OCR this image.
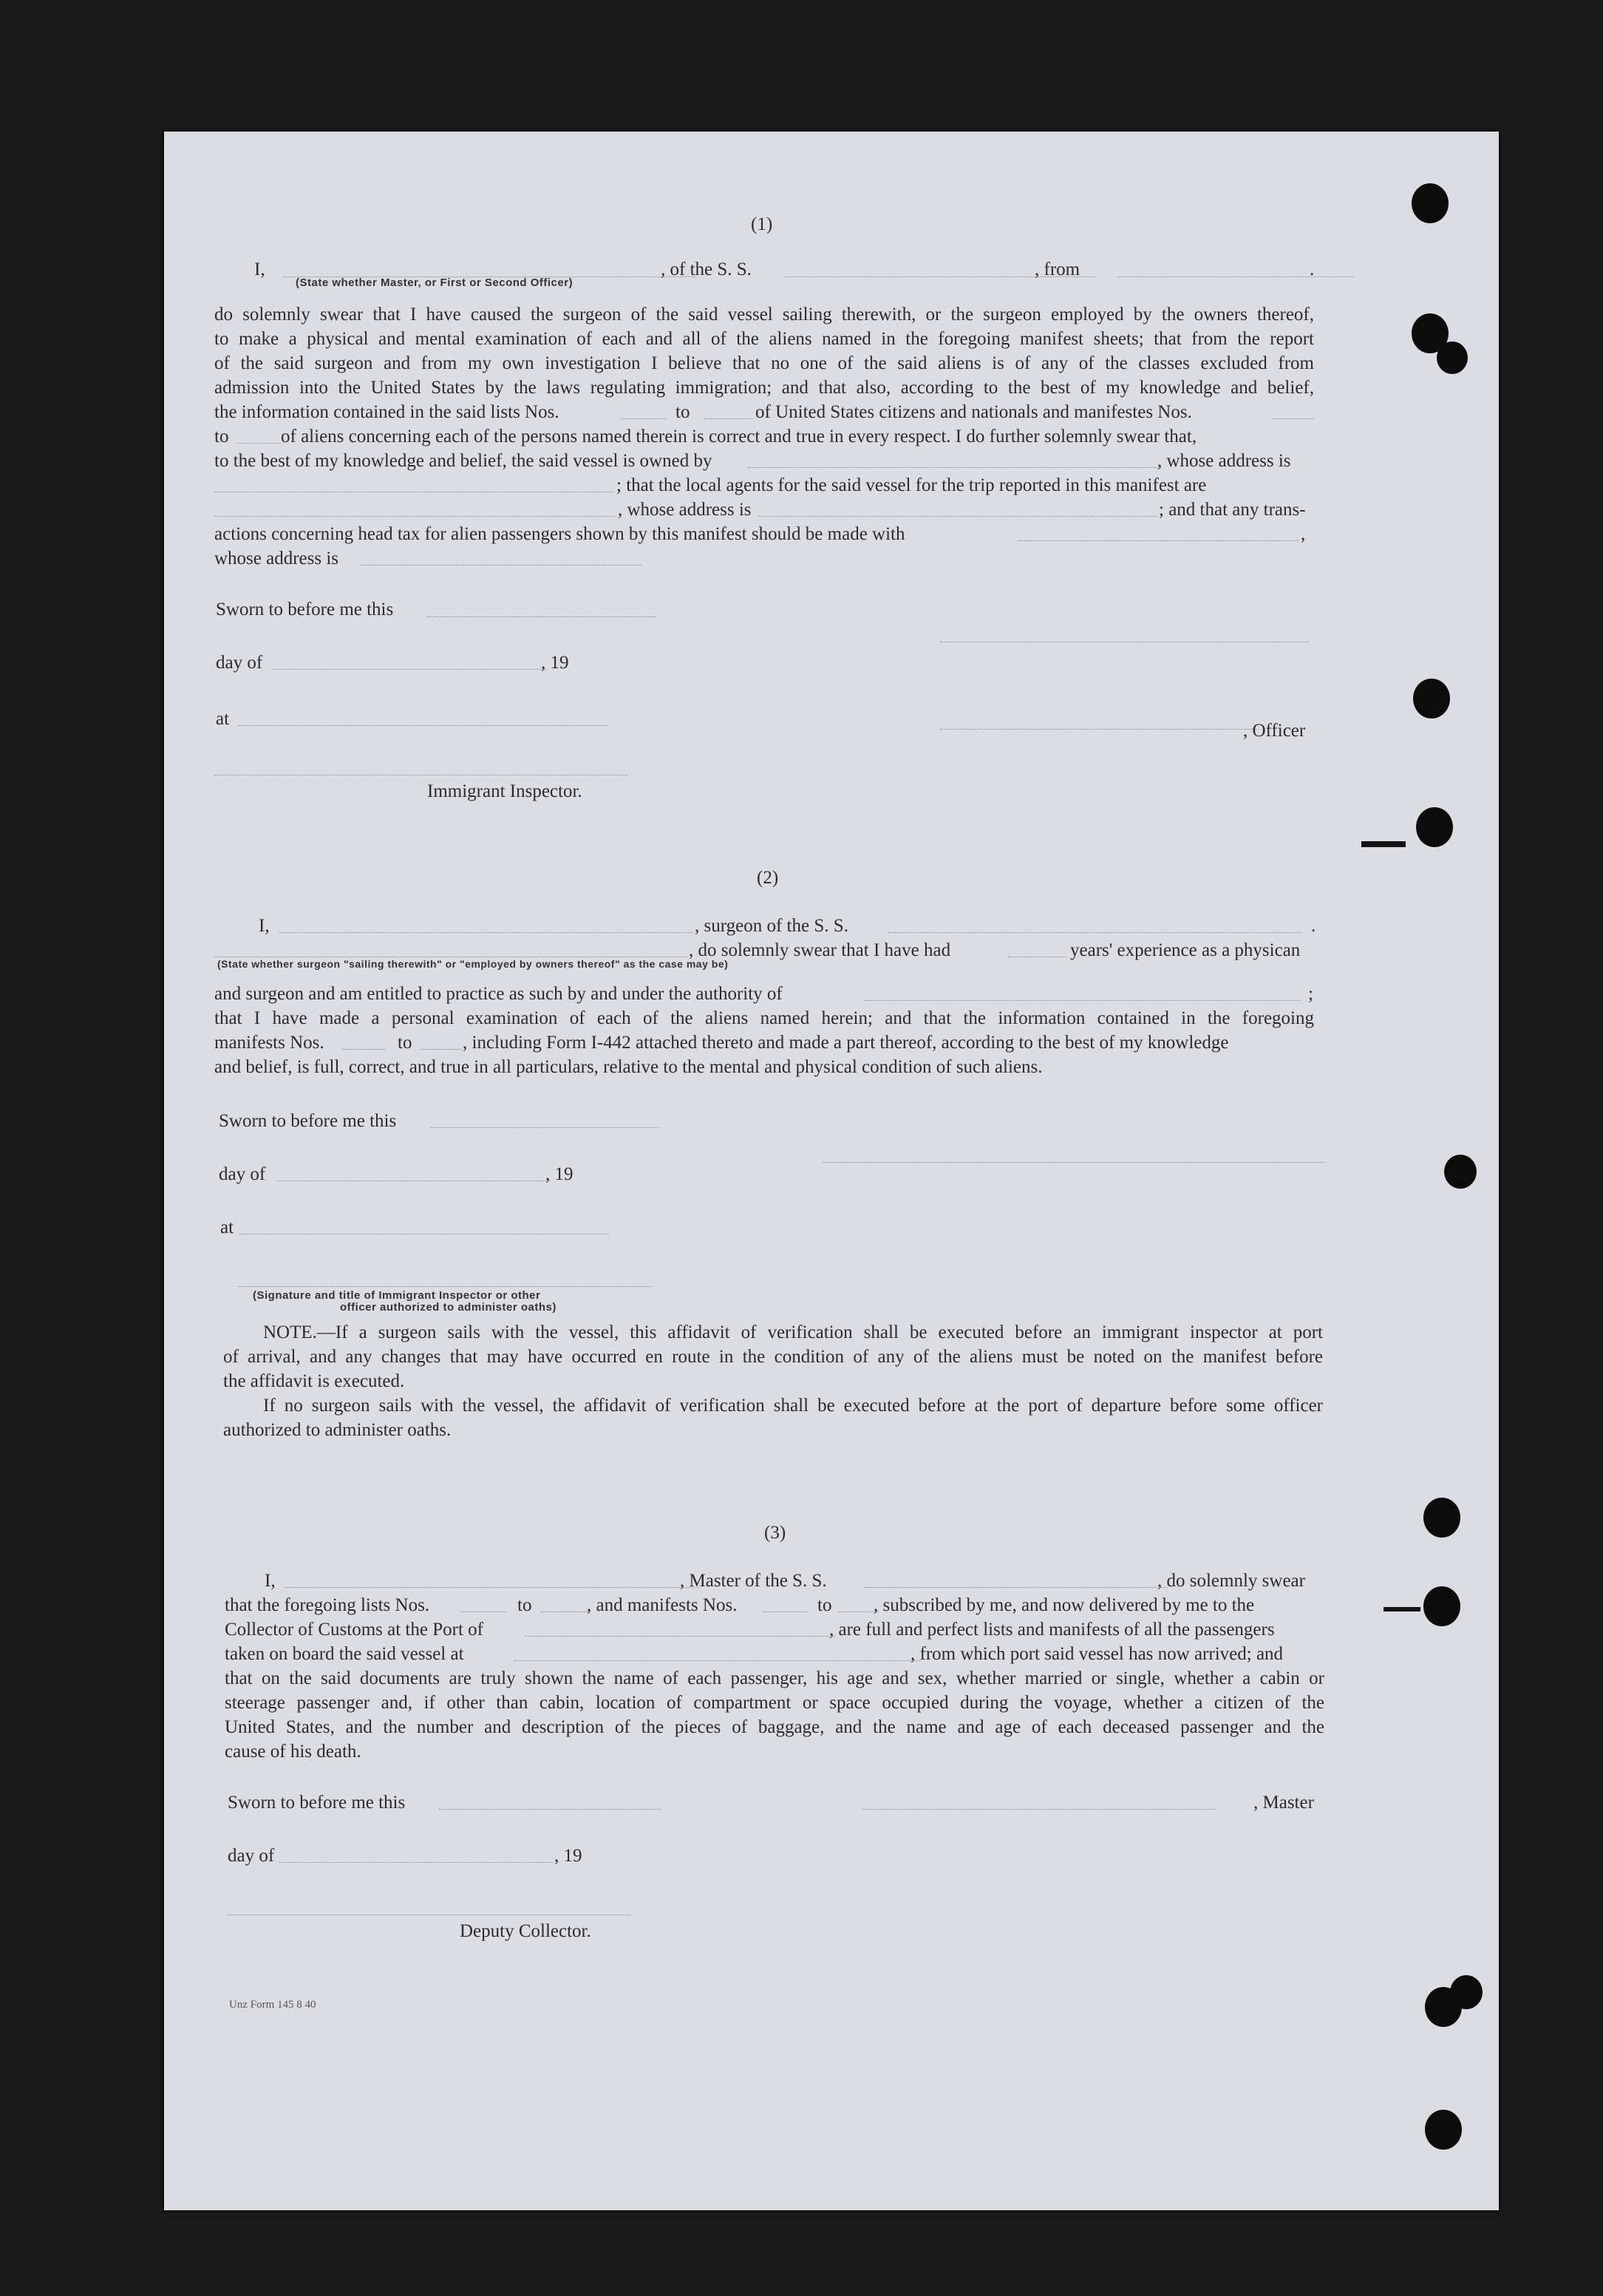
(1)
I,
(State whether Master, or First or Second Officer)
, of the S. S.	, from	.
do solemnly swear that I have caused the surgeon of the said vessel sailing therewith, or the surgeon employed by the owners thereof,
to make a physical and mental examination of each and all of the aliens named in the foregoing manifest sheets; that from the report
of the said surgeon and from my own investigation I believe that no one of the said aliens is of any of the classes excluded from
admission into the United States by the laws regulating immigration; and that also, according to the best of my knowledge and belief,
the information contained in the said lists Nos.	to	of United States citizens and nationals and manifestes Nos.
to	of aliens concerning each of the persons named therein is correct and true in every respect. I do further solemnly swear that,
to the best of my knowledge and belief, the said vessel is owned by	, whose address is
; that the local agents for the said vessel for the trip reported in this manifest are
, whose address is	; and that any trans-
actions concerning head tax for alien passengers shown by this manifest should be made with	,
whose address is
Sworn to before me this
day of	, 19
at
, Officer
Immigrant Inspector.
(2)
I,	, surgeon of the S. S.	.
, do solemnly swear that I have had	years' experience as a physican
(State whether surgeon "sailing therewith" or "employed by owners thereof" as the case may be)
and surgeon and am entitled to practice as such by and under the authority of	;
that I have made a personal examination of each of the aliens named herein; and that the information contained in the foregoing
manifests Nos.	to	, including Form I-442 attached thereto and made a part thereof, according to the best of my knowledge
and belief, is full, correct, and true in all particulars, relative to the mental and physical condition of such aliens.
Sworn to before me this
day of	, 19
at
(Signature and title of Immigrant Inspector or other
officer authorized to administer oaths)
NOTE.—If a surgeon sails with the vessel, this affidavit of verification shall be executed before an immigrant inspector at port
of arrival, and any changes that may have occurred en route in the condition of any of the aliens must be noted on the manifest before
the affidavit is executed.
If no surgeon sails with the vessel, the affidavit of verification shall be executed before at the port of departure before some officer
authorized to administer oaths.
(3)
I,	, Master of the S. S.	, do solemnly swear
that the foregoing lists Nos.	to	, and manifests Nos.	to , subscribed by me, and now delivered by me to the
Collector of Customs at the Port of	, are full and perfect lists and manifests of all the passengers
taken on board the said vessel at	, from which port said vessel has now arrived; and
that on the said documents are truly shown the name of each passenger, his age and sex, whether married or single, whether a cabin or
steerage passenger and, if other than cabin, location of compartment or space occupied during the voyage, whether a citizen of the
United States, and the number and description of the pieces of baggage, and the name and age of each deceased passenger and the
cause of his death.
Sworn to before me this	, Master
day of	, 19
Deputy Collector.
Unz Form 145 8 40
